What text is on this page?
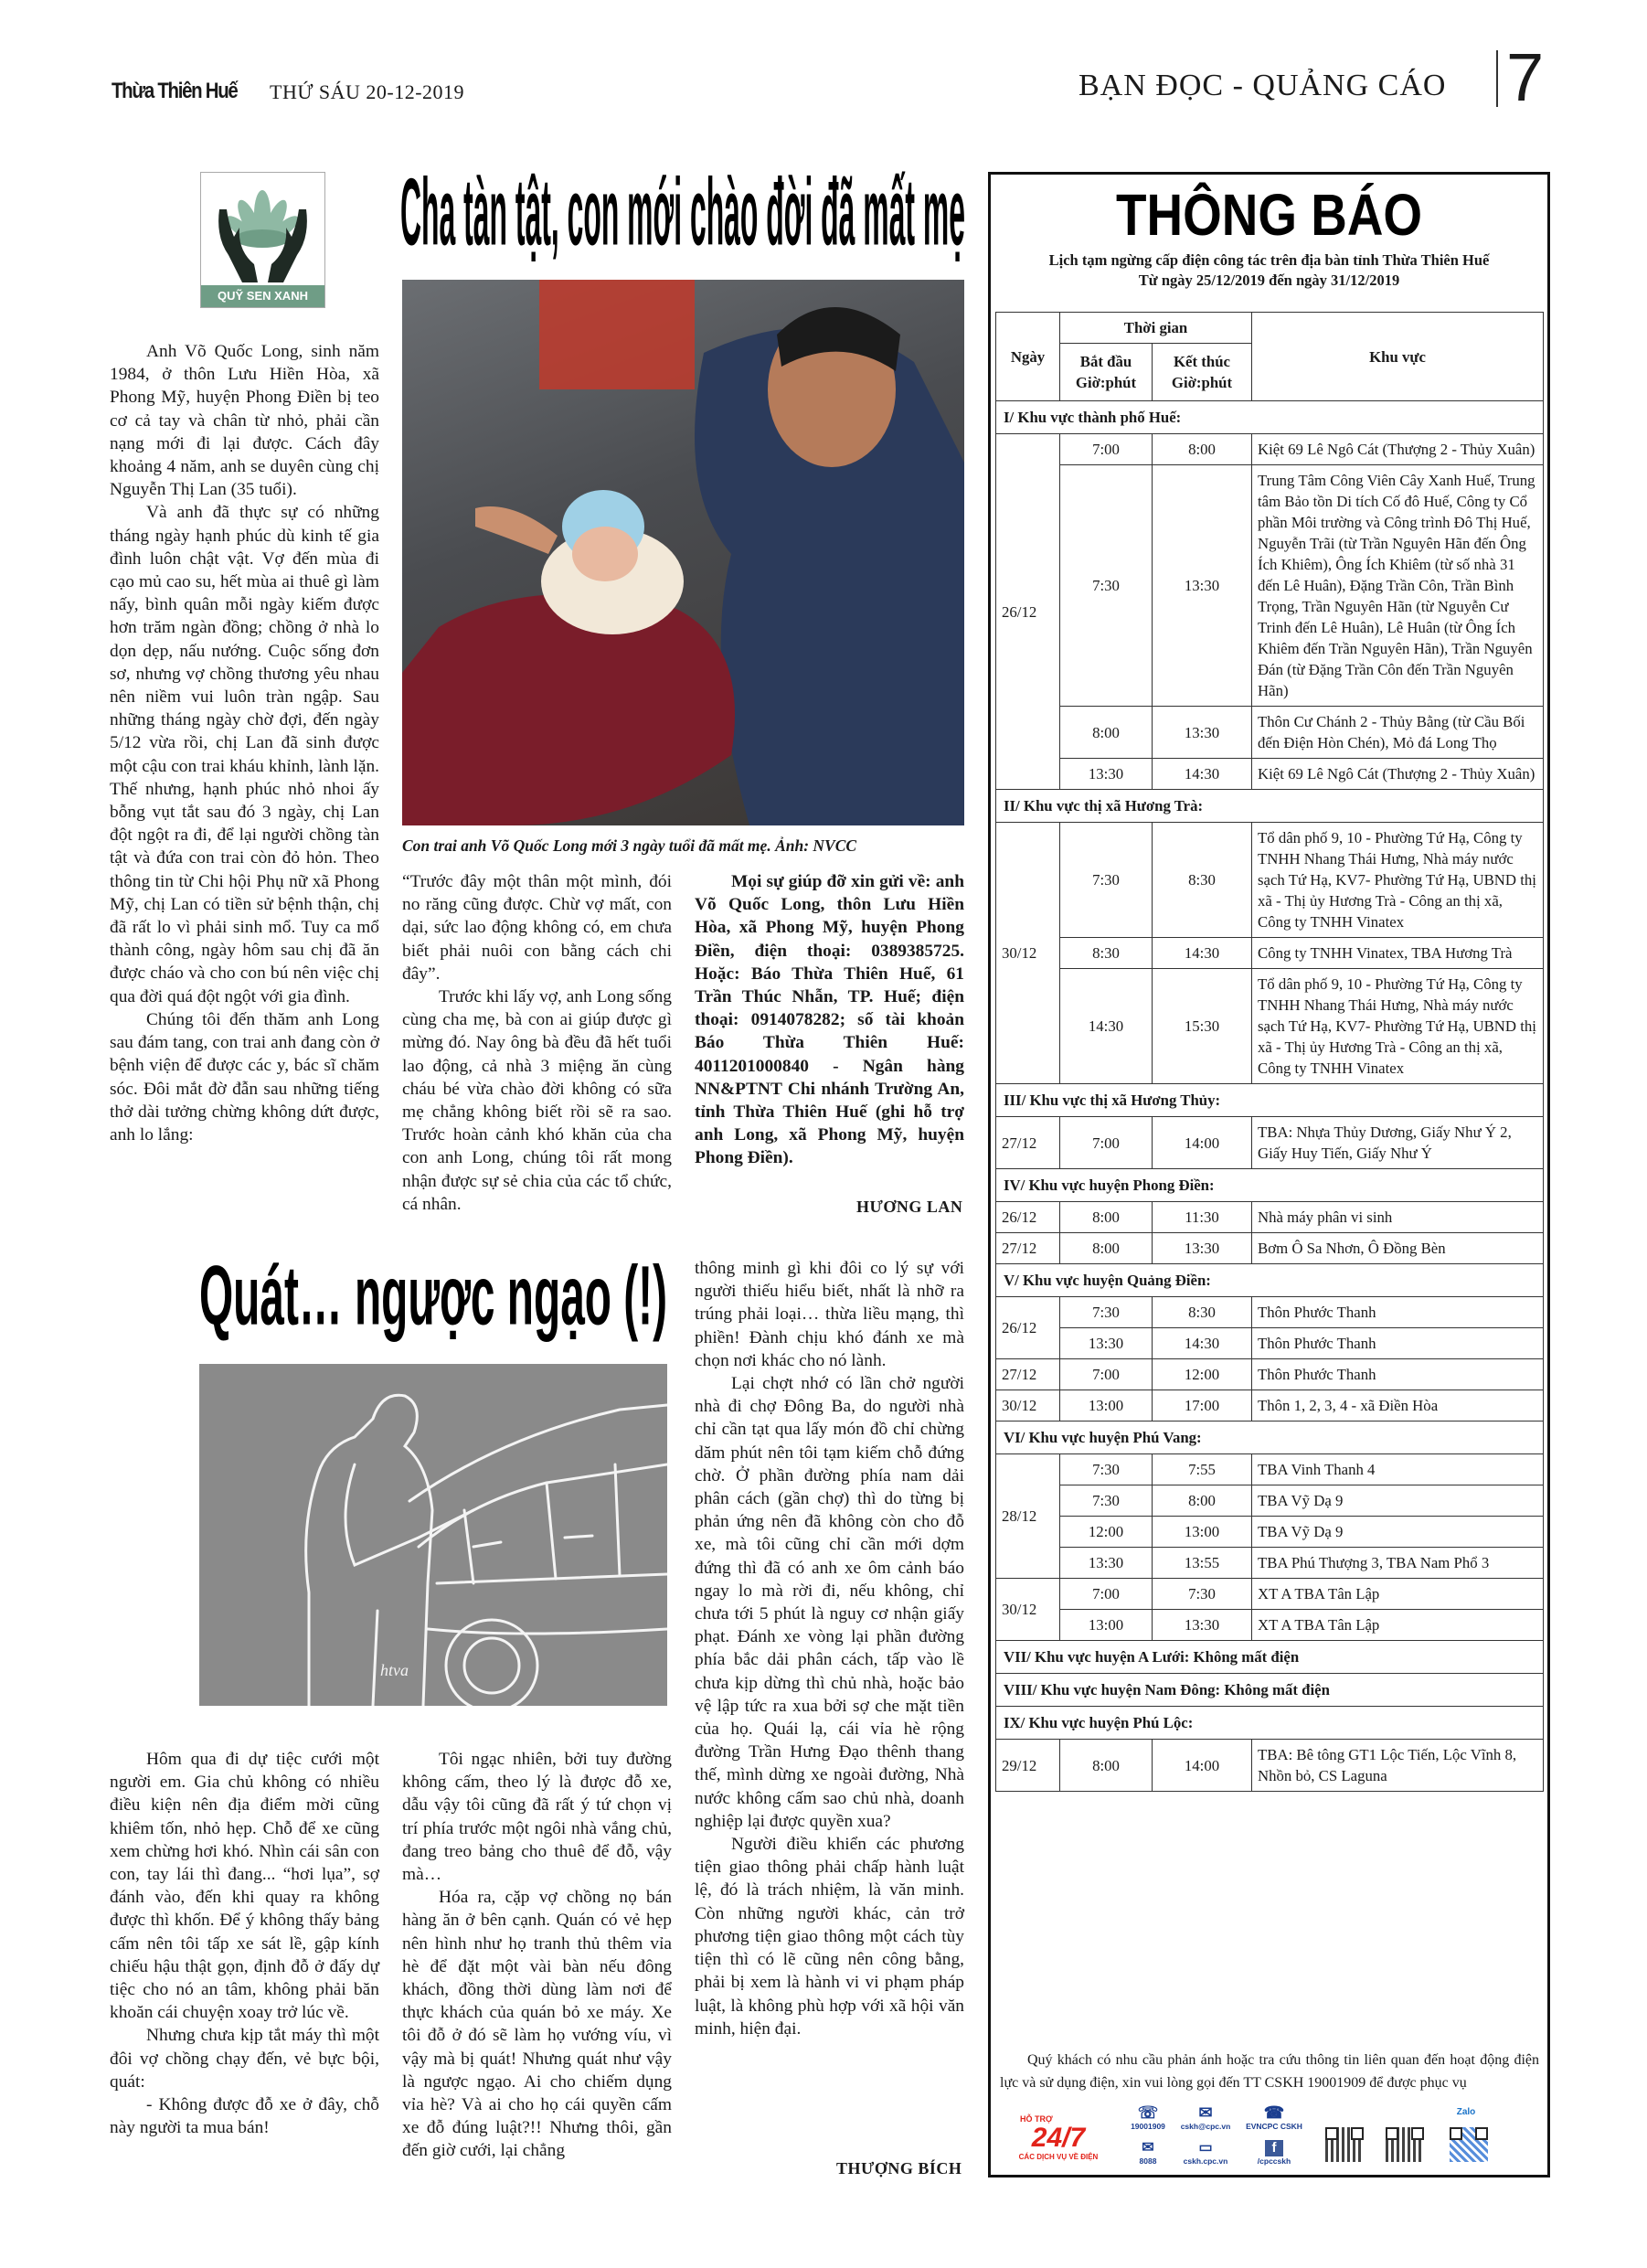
Thừa Thiên Huế THỨ SÁU 20-12-2019	BẠN ĐỌC - QUẢNG CÁO 7
QUỸ SEN XANH
Cha tàn tật, con mới chào đời đã mất mẹ
Con trai anh Võ Quốc Long mới 3 ngày tuổi đã mất mẹ. Ảnh: NVCC

Anh Võ Quốc Long, sinh năm 1984, ở thôn Lưu Hiền Hòa, xã Phong Mỹ, huyện Phong Điền bị teo cơ cả tay và chân từ nhỏ, phải cần nạng mới đi lại được. Cách đây khoảng 4 năm, anh se duyên cùng chị Nguyễn Thị Lan (35 tuổi).

Và anh đã thực sự có những tháng ngày hạnh phúc dù kinh tế gia đình luôn chật vật. Vợ đến mùa đi cạo mủ cao su, hết mùa ai thuê gì làm nấy, bình quân mỗi ngày kiếm được hơn trăm ngàn đồng; chồng ở nhà lo dọn dẹp, nấu nướng. Cuộc sống đơn sơ, nhưng vợ chồng thương yêu nhau nên niềm vui luôn tràn ngập. Sau những tháng ngày chờ đợi, đến ngày 5/12 vừa rồi, chị Lan đã sinh được một cậu con trai kháu khỉnh, lành lặn. Thế nhưng, hạnh phúc nhỏ nhoi ấy bỗng vụt tắt sau đó 3 ngày, chị Lan đột ngột ra đi, để lại người chồng tàn tật và đứa con trai còn đỏ hỏn. Theo thông tin từ Chi hội Phụ nữ xã Phong Mỹ, chị Lan có tiền sử bệnh thận, chị đã rất lo vì phải sinh mổ. Tuy ca mổ thành công, ngày hôm sau chị đã ăn được cháo và cho con bú nên việc chị qua đời quá đột ngột với gia đình.

Chúng tôi đến thăm anh Long sau đám tang, con trai anh đang còn ở bệnh viện để được các y, bác sĩ chăm sóc. Đôi mắt đờ đẫn sau những tiếng thở dài tưởng chừng không dứt được, anh lo lắng:

“Trước đây một thân một mình, đói no răng cũng được. Chừ vợ mất, con dại, sức lao động không có, em chưa biết phải nuôi con bằng cách chi đây”.

Trước khi lấy vợ, anh Long sống cùng cha mẹ, bà con ai giúp được gì mừng đó. Nay ông bà đều đã hết tuổi lao động, cả nhà 3 miệng ăn cùng cháu bé vừa chào đời không có sữa mẹ chẳng không biết rồi sẽ ra sao. Trước hoàn cảnh khó khăn của cha con anh Long, chúng tôi rất mong nhận được sự sẻ chia của các tổ chức, cá nhân.

Mọi sự giúp đỡ xin gửi về: anh Võ Quốc Long, thôn Lưu Hiền Hòa, xã Phong Mỹ, huyện Phong Điền, điện thoại: 0389385725. Hoặc: Báo Thừa Thiên Huế, 61 Trần Thúc Nhẫn, TP. Huế; điện thoại: 0914078282; số tài khoản Báo Thừa Thiên Huế: 4011201000840 - Ngân hàng NN&PTNT Chi nhánh Trường An, tỉnh Thừa Thiên Huế (ghi hỗ trợ anh Long, xã Phong Mỹ, huyện Phong Điền).

HƯƠNG LAN
Quát… ngược ngạo (!)
htva

Hôm qua đi dự tiệc cưới một người em. Gia chủ không có nhiều điều kiện nên địa điểm mời cũng khiêm tốn, nhỏ hẹp. Chỗ để xe cũng xem chừng hơi khó. Nhìn cái sân con con, tay lái thì đang... “hơi lụa”, sợ đánh vào, đến khi quay ra không được thì khốn. Để ý không thấy bảng cấm nên tôi tấp xe sát lề, gập kính chiếu hậu thật gọn, định đỗ ở đấy dự tiệc cho nó an tâm, không phải băn khoăn cái chuyện xoay trở lúc về.

Nhưng chưa kịp tắt máy thì một đôi vợ chồng chạy đến, vẻ bực bội, quát:

- Không được đỗ xe ở đây, chỗ này người ta mua bán!

Tôi ngạc nhiên, bởi tuy đường không cấm, theo lý là được đỗ xe, dẫu vậy tôi cũng đã rất ý tứ chọn vị trí phía trước một ngôi nhà vắng chủ, đang treo bảng cho thuê để đỗ, vậy mà…

Hóa ra, cặp vợ chồng nọ bán hàng ăn ở bên cạnh. Quán có vẻ hẹp nên hình như họ tranh thủ thêm vỉa hè để đặt một vài bàn nếu đông khách, đồng thời dùng làm nơi để thực khách của quán bỏ xe máy. Xe tôi đỗ ở đó sẽ làm họ vướng víu, vì vậy mà bị quát! Nhưng quát như vậy là ngược ngạo. Ai cho chiếm dụng vỉa hè? Và ai cho họ cái quyền cấm xe đỗ đúng luật?!! Nhưng thôi, gần đến giờ cưới, lại chẳng

thông minh gì khi đôi co lý sự với người thiếu hiểu biết, nhất là nhỡ ra trúng phải loại… thừa liều mạng, thì phiền! Đành chịu khó đánh xe mà chọn nơi khác cho nó lành.

Lại chợt nhớ có lần chở người nhà đi chợ Đông Ba, do người nhà chỉ cần tạt qua lấy món đồ chỉ chừng dăm phút nên tôi tạm kiếm chỗ đứng chờ. Ở phần đường phía nam dải phân cách (gần chợ) thì do từng bị phản ứng nên đã không còn cho đỗ xe, mà tôi cũng chỉ cần mới dợm đứng thì đã có anh xe ôm cảnh báo ngay lo mà rời đi, nếu không, chỉ chưa tới 5 phút là nguy cơ nhận giấy phạt. Đánh xe vòng lại phần đường phía bắc dải phân cách, tấp vào lề chưa kịp dừng thì chủ nhà, hoặc bảo vệ lập tức ra xua bởi sợ che mặt tiền của họ. Quái lạ, cái vỉa hè rộng đường Trần Hưng Đạo thênh thang thế, mình dừng xe ngoài đường, Nhà nước không cấm sao chủ nhà, doanh nghiệp lại được quyền xua?

Người điều khiển các phương tiện giao thông phải chấp hành luật lệ, đó là trách nhiệm, là văn minh. Còn những người khác, cản trở phương tiện giao thông một cách tùy tiện thì có lẽ cũng nên công bằng, phải bị xem là hành vi vi phạm pháp luật, là không phù hợp với xã hội văn minh, hiện đại.

THƯỢNG BÍCH
THÔNG BÁO
Lịch tạm ngừng cấp điện công tác trên địa bàn tỉnh Thừa Thiên Huế
Từ ngày 25/12/2019 đến ngày 31/12/2019
Ngày	Thời gian		Khu vực
	Bắt đầu Giờ:phút	Kết thúc Giờ:phút	
I/ Khu vực thành phố Huế:			
26/12	7:00	8:00	Kiệt 69 Lê Ngô Cát (Thượng 2 - Thủy Xuân)
	7:30	13:30	Trung Tâm Công Viên Cây Xanh Huế, Trung tâm Bảo tồn Di tích Cố đô Huế, Công ty Cổ phần Môi trường và Công trình Đô Thị Huế, Nguyễn Trãi (từ Trần Nguyên Hãn đến Ông Ích Khiêm), Ông Ích Khiêm (từ số nhà 31 đến Lê Huân), Đặng Trần Côn, Trần Bình Trọng, Trần Nguyên Hãn (từ Nguyễn Cư Trinh đến Lê Huân), Lê Huân (từ Ông Ích Khiêm đến Trần Nguyên Hãn), Trần Nguyên Đán (từ Đặng Trần Côn đến Trần Nguyên Hãn)
	8:00	13:30	Thôn Cư Chánh 2 - Thủy Bằng (từ Cầu Bối đến Điện Hòn Chén), Mỏ đá Long Thọ
	13:30	14:30	Kiệt 69 Lê Ngô Cát (Thượng 2 - Thủy Xuân)
II/ Khu vực thị xã Hương Trà:			
30/12	7:30	8:30	Tổ dân phố 9, 10 - Phường Tứ Hạ, Công ty TNHH Nhang Thái Hưng, Nhà máy nước sạch Tứ Hạ, KV7- Phường Tứ Hạ, UBND thị xã - Thị ủy Hương Trà - Công an thị xã, Công ty TNHH Vinatex
	8:30	14:30	Công ty TNHH Vinatex, TBA Hương Trà
	14:30	15:30	Tổ dân phố 9, 10 - Phường Tứ Hạ, Công ty TNHH Nhang Thái Hưng, Nhà máy nước sạch Tứ Hạ, KV7- Phường Tứ Hạ, UBND thị xã - Thị ủy Hương Trà - Công an thị xã, Công ty TNHH Vinatex
III/ Khu vực thị xã Hương Thủy:			
27/12	7:00	14:00	TBA: Nhựa Thủy Dương, Giấy Như Ý 2, Giấy Huy Tiến, Giấy Như Ý
IV/ Khu vực huyện Phong Điền:			
26/12	8:00	11:30	Nhà máy phân vi sinh
27/12	8:00	13:30	Bơm Ô Sa Nhơn, Ô Đồng Bèn
V/ Khu vực huyện Quảng Điền:			
26/12	7:30	8:30	Thôn Phước Thanh
	13:30	14:30	Thôn Phước Thanh
27/12	7:00	12:00	Thôn Phước Thanh
30/12	13:00	17:00	Thôn 1, 2, 3, 4 - xã Điền Hòa
VI/ Khu vực huyện Phú Vang:			
28/12	7:30	7:55	TBA Vinh Thanh 4
	7:30	8:00	TBA Vỹ Dạ 9
	12:00	13:00	TBA Vỹ Dạ 9
	13:30	13:55	TBA Phú Thượng 3, TBA Nam Phổ 3
30/12	7:00	7:30	XT A TBA Tân Lập
	13:00	13:30	XT A TBA Tân Lập
VII/ Khu vực huyện A Lưới: Không mất điện			
VIII/ Khu vực huyện Nam Đông: Không mất điện			
IX/ Khu vực huyện Phú Lộc:			
29/12	8:00	14:00	TBA: Bê tông GT1 Lộc Tiến, Lộc Vĩnh 8, Nhồn bỏ, CS Laguna
Quý khách có nhu cầu phản ánh hoặc tra cứu thông tin liên quan đến hoạt động điện lực và sử dụng điện, xin vui lòng gọi đến TT CSKH 19001909 để được phục vụ
HỖ TRỢ
24/7
CÁC DỊCH VỤ VỀ ĐIỆN
☏
19001909
✉
8088
✉
cskh@cpc.vn
▭
cskh.cpc.vn
☎
EVNCPC CSKH
f
/cpccskh
Zalo
